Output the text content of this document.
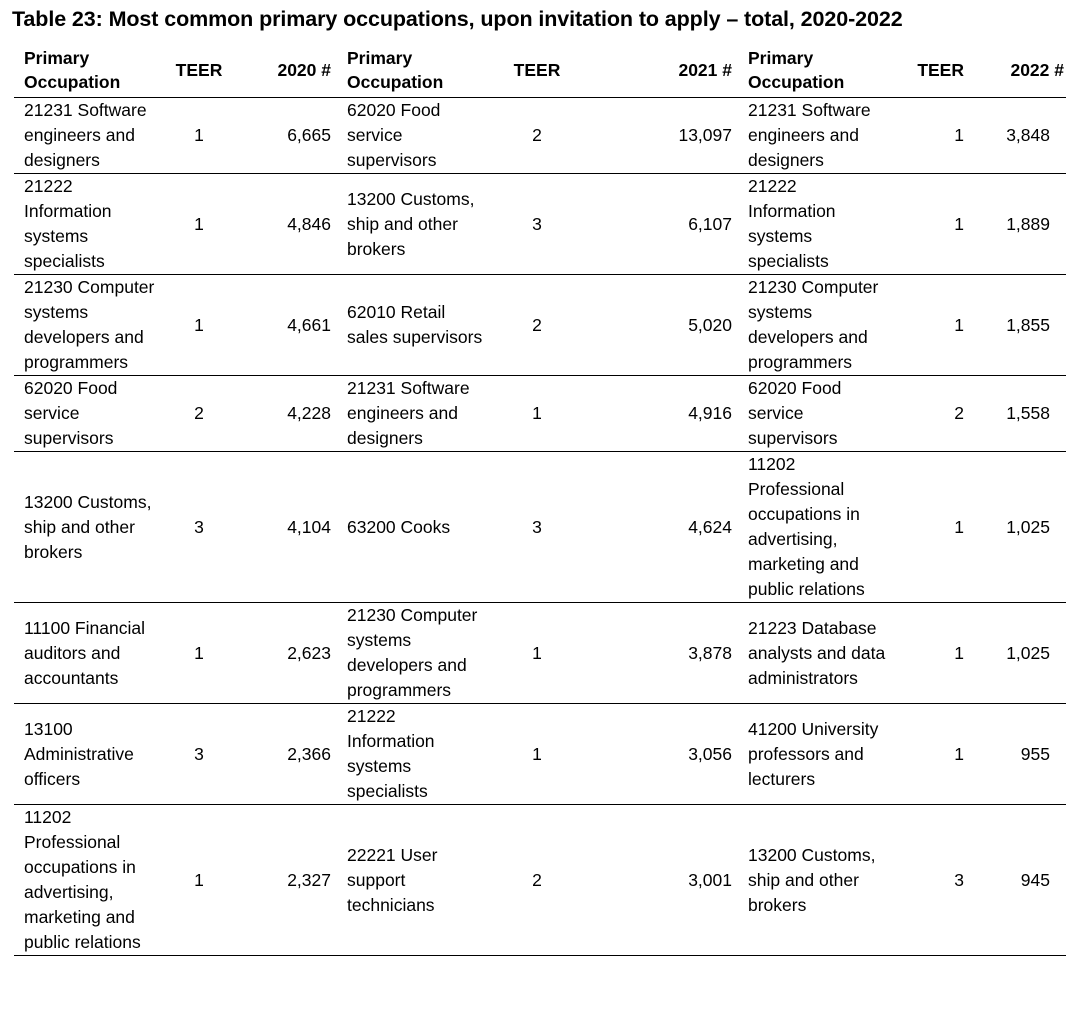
Table 23: Most common primary occupations, upon invitation to apply – total, 2020-2022
Primary Occupation	TEER	2020 #	Primary Occupation	TEER	2021 #	Primary Occupation	TEER	2022 #
21231 Software engineers and designers	1	6,665	62020 Food service supervisors	2	13,097	21231 Software engineers and designers	1	3,848
21222 Information systems specialists	1	4,846	13200 Customs, ship and other brokers	3	6,107	21222 Information systems specialists	1	1,889
21230 Computer systems developers and programmers	1	4,661	62010 Retail sales supervisors	2	5,020	21230 Computer systems developers and programmers	1	1,855
62020 Food service supervisors	2	4,228	21231 Software engineers and designers	1	4,916	62020 Food service supervisors	2	1,558
13200 Customs, ship and other brokers	3	4,104	63200 Cooks	3	4,624	11202 Professional occupations in advertising, marketing and public relations	1	1,025
11100 Financial auditors and accountants	1	2,623	21230 Computer systems developers and programmers	1	3,878	21223 Database analysts and data administrators	1	1,025
13100 Administrative officers	3	2,366	21222 Information systems specialists	1	3,056	41200 University professors and lecturers	1	955
11202 Professional occupations in advertising, marketing and public relations	1	2,327	22221 User support technicians	2	3,001	13200 Customs, ship and other brokers	3	945
